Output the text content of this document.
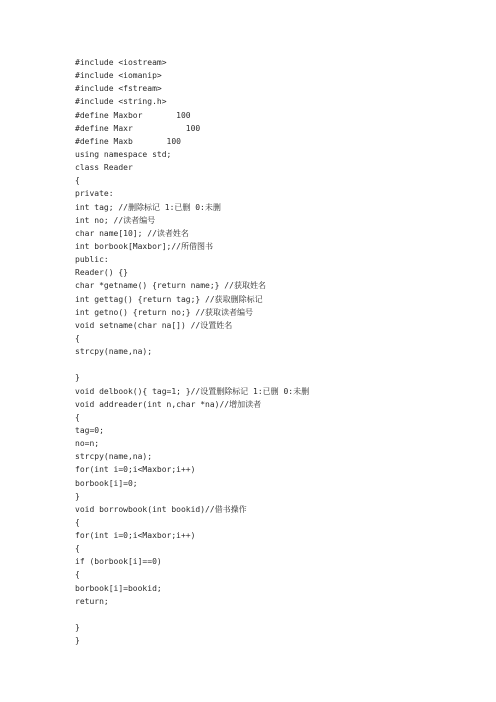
#include <iostream>
#include <iomanip>
#include <fstream>
#include <string.h>
#define Maxbor       100
#define Maxr           100
#define Maxb       100
using namespace std;
class Reader
{
private:
int tag; //删除标记 1:已删 0:未删
int no; //读者编号
char name[10]; //读者姓名
int borbook[Maxbor];//所借图书
public:
Reader() {}
char *getname() {return name;} //获取姓名
int gettag() {return tag;} //获取删除标记
int getno() {return no;} //获取读者编号
void setname(char na[]) //设置姓名
{
strcpy(name,na);

}
void delbook(){ tag=1; }//设置删除标记 1:已删 0:未删
void addreader(int n,char *na)//增加读者
{
tag=0;
no=n;
strcpy(name,na);
for(int i=0;i<Maxbor;i++)
borbook[i]=0;
}
void borrowbook(int bookid)//借书操作
{
for(int i=0;i<Maxbor;i++)
{
if (borbook[i]==0)
{
borbook[i]=bookid;
return;

}
}
